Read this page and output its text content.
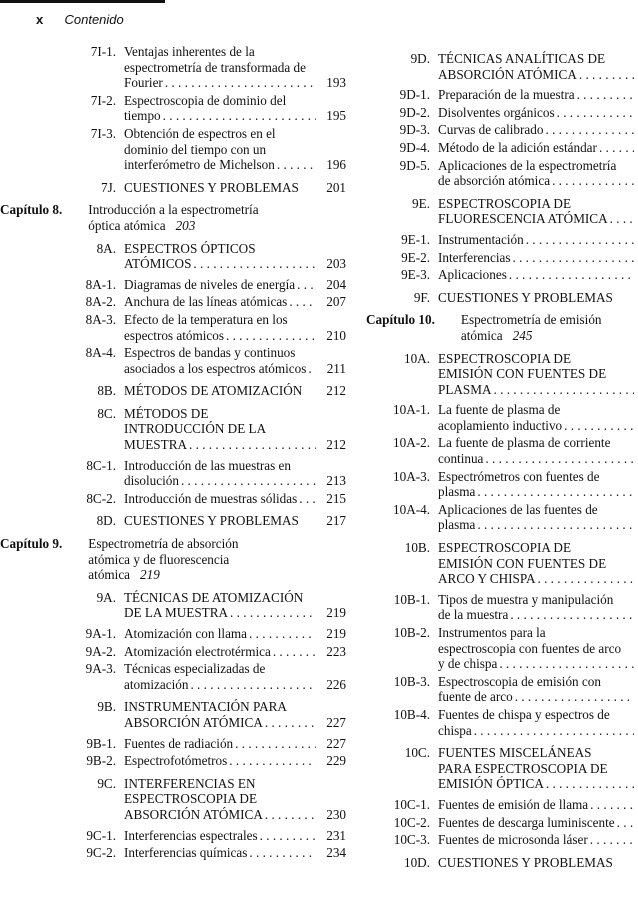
x Contenido
7I-1. Ventajas inherentes de la
espectrometría de transformada de
Fourier . . .	193
7I-2. Espectroscopia de dominio del
tiempo . . .	195
7I-3. Obtención de espectros en el
dominio del tiempo con un
interferómetro de Michelson . . .	196
7J. CUESTIONES Y PROBLEMAS	201
Capítulo 8.	Introducción a la espectrometría
óptica atómica 203
8A. ESPECTROS ÓPTICOS
ATÓMICOS . . .	203
8A-1. Diagramas de niveles de energía . . .	204
8A-2. Anchura de las líneas atómicas . . .	207
8A-3. Efecto de la temperatura en los
espectros atómicos . . .	210
8A-4. Espectros de bandas y continuos
asociados a los espectros atómicos . . .	211
8B. MÉTODOS DE ATOMIZACIÓN	212
8C. MÉTODOS DE
INTRODUCCIÓN DE LA
MUESTRA . . .	212
8C-1. Introducción de las muestras en
disolución . . .	213
8C-2. Introducción de muestras sólidas . . .	215
8D. CUESTIONES Y PROBLEMAS	217
Capítulo 9.	Espectrometría de absorción
atómica y de fluorescencia
atómica 219
9A. TÉCNICAS DE ATOMIZACIÓN
DE LA MUESTRA . . .	219
9A-1. Atomización con llama . . .	219
9A-2. Atomización electrotérmica . . .	223
9A-3. Técnicas especializadas de
atomización . . .	226
9B. INSTRUMENTACIÓN PARA
ABSORCIÓN ATÓMICA . . .	227
9B-1. Fuentes de radiación . . .	227
9B-2. Espectrofotómetros . . .	229
9C. INTERFERENCIAS EN
ESPECTROSCOPIA DE
ABSORCIÓN ATÓMICA . . .	230
9C-1. Interferencias espectrales . . .	231
9C-2. Interferencias químicas . . .	234
9D. TÉCNICAS ANALÍTICAS DE
ABSORCIÓN ATÓMICA
. . .
9D-1. Preparación de la muestra
. . .
9D-2. Disolventes orgánicos
. . .
9D-3. Curvas de calibrado
. . .
9D-4. Método de la adición estándar
. . .
9D-5. Aplicaciones de la espectrometría
de absorción atómica
. . .
9E. ESPECTROSCOPIA DE
FLUORESCENCIA ATÓMICA
. . .
9E-1. Instrumentación
. . .
9E-2. Interferencias
. . .
9E-3. Aplicaciones
. . .
9F. CUESTIONES Y PROBLEMAS
Capítulo 10.	Espectrometría de emisión
atómica 245
10A. ESPECTROSCOPIA DE
EMISIÓN CON FUENTES DE
PLASMA
. . .
10A-1. La fuente de plasma de
acoplamiento inductivo
. . .
10A-2. La fuente de plasma de corriente
continua
. . .
10A-3. Espectrómetros con fuentes de
plasma
. . .
10A-4. Aplicaciones de las fuentes de
plasma
. . .
10B. ESPECTROSCOPIA DE
EMISIÓN CON FUENTES DE
ARCO Y CHISPA
. . .
10B-1. Tipos de muestra y manipulación
de la muestra
. . .
10B-2. Instrumentos para la
espectroscopia con fuentes de arco
y de chispa
. . .
10B-3. Espectroscopia de emisión con
fuente de arco
. . .
10B-4. Fuentes de chispa y espectros de
chispa
. . .
10C. FUENTES MISCELÁNEAS
PARA ESPECTROSCOPIA DE
EMISIÓN ÓPTICA
. . .
10C-1. Fuentes de emisión de llama
. . .
10C-2. Fuentes de descarga luminiscente
. . .
10C-3. Fuentes de microsonda láser
. . .
10D. CUESTIONES Y PROBLEMAS
